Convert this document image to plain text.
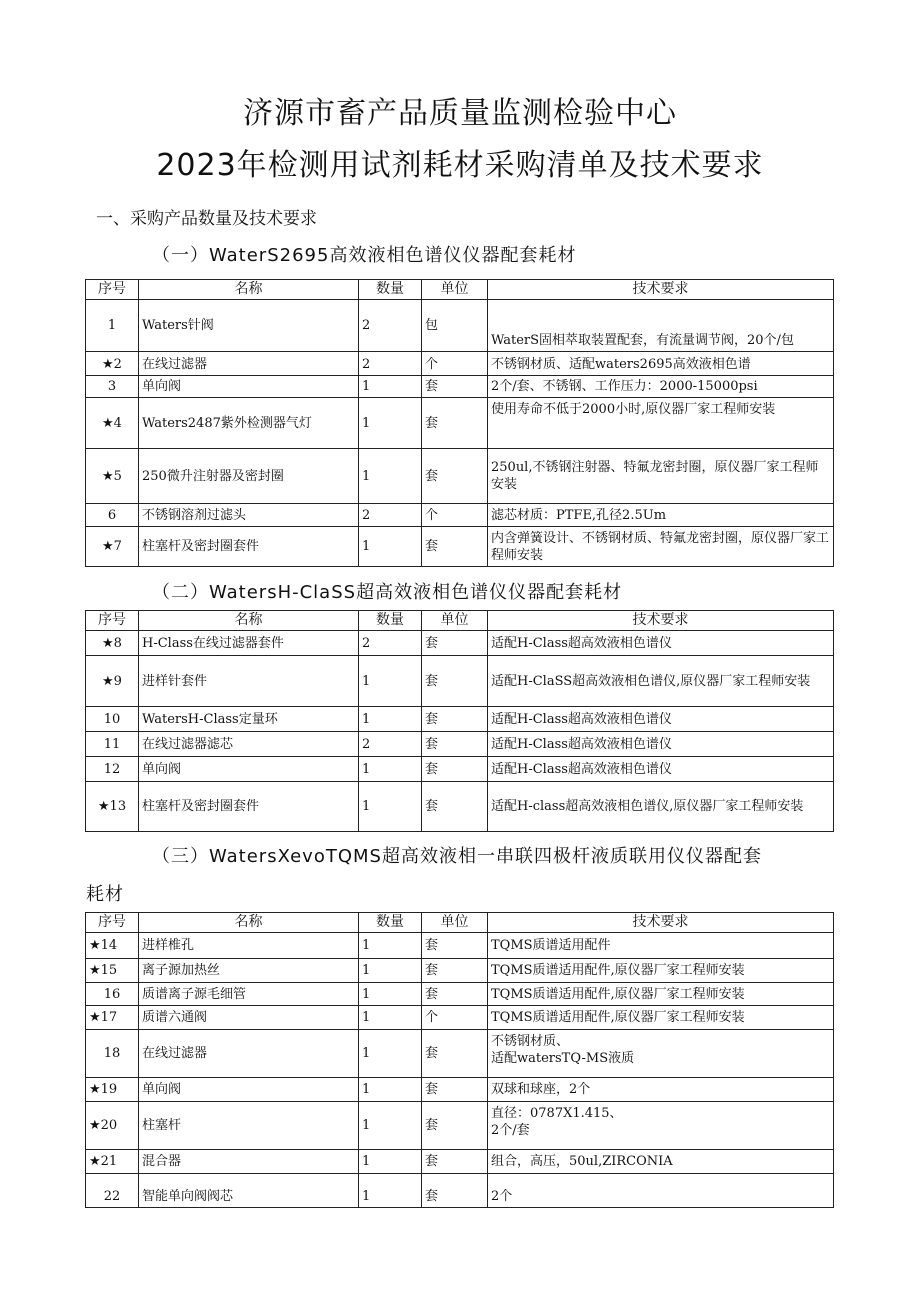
济源市畜产品质量监测检验中心
2023年检测用试剂耗材采购清单及技术要求
一、采购产品数量及技术要求
（一）WaterS2695高效液相色谱仪仪器配套耗材
序号	名称	数量	单位	技术要求
1	Waters针阀	2	包	WaterS固相萃取装置配套，有流量调节阀，20个/包
★2	在线过滤器	2	个	不锈钢材质、适配waters2695高效液相色谱
3	单向阀	1	套	2个/套、不锈钢、工作压力：2000-15000psi
★4	Waters2487紫外检测器气灯	1	套	使用寿命不低于2000小时,原仪器厂家工程师安装
★5	250微升注射器及密封圈	1	套	250ul,不锈钢注射器、特氟龙密封圈，原仪器厂家工程师安装
6	不锈钢溶剂过滤头	2	个	滤芯材质：PTFE,孔径2.5Um
★7	柱塞杆及密封圈套件	1	套	内含弹簧设计、不锈钢材质、特氟龙密封圈，原仪器厂家工程师安装
（二）WatersH-ClaSS超高效液相色谱仪仪器配套耗材
序号	名称	数量	单位	技术要求
★8	H-Class在线过滤器套件	2	套	适配H-Class超高效液相色谱仪
★9	进样针套件	1	套	适配H-ClaSS超高效液相色谱仪,原仪器厂家工程师安装
10	WatersH-Class定量环	1	套	适配H-Class超高效液相色谱仪
11	在线过滤器滤芯	2	套	适配H-Class超高效液相色谱仪
12	单向阀	1	套	适配H-Class超高效液相色谱仪
★13	柱塞杆及密封圈套件	1	套	适配H-class超高效液相色谱仪,原仪器厂家工程师安装
（三）WatersXevoTQMS超高效液相一串联四极杆液质联用仪仪器配套
耗材
序号	名称	数量	单位	技术要求
★14	进样椎孔	1	套	TQMS质谱适用配件
★15	离子源加热丝	1	套	TQMS质谱适用配件,原仪器厂家工程师安装
16	质谱离子源毛细管	1	套	TQMS质谱适用配件,原仪器厂家工程师安装
★17	质谱六通阀	1	个	TQMS质谱适用配件,原仪器厂家工程师安装
18	在线过滤器	1	套	不锈钢材质、
适配watersTQ-MS液质
★19	单向阀	1	套	双球和球座，2个
★20	柱塞杆	1	套	直径：0787X1.415、
2个/套
★21	混合器	1	套	组合，高压，50ul,ZIRCONIA
22	智能单向阀阀芯	1	套	2个
